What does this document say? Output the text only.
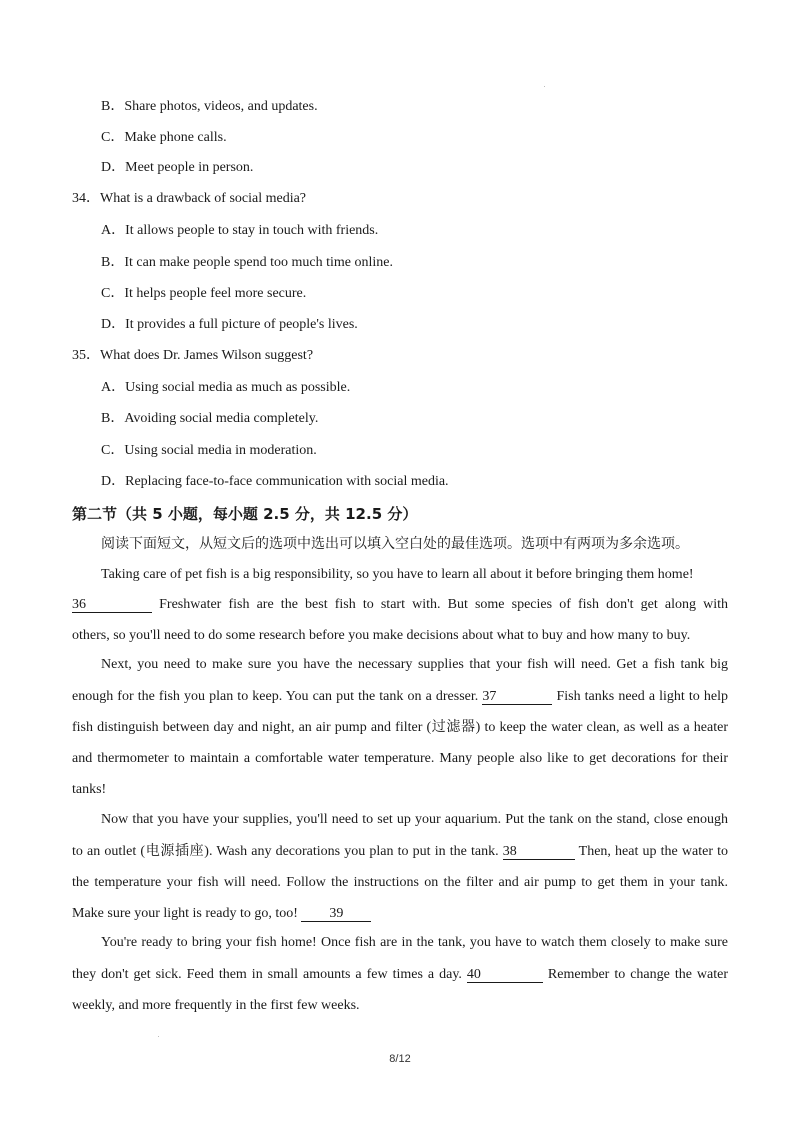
B．Share photos, videos, and updates.
C．Make phone calls.
D．Meet people in person.
34．What is a drawback of social media?
A．It allows people to stay in touch with friends.
B．It can make people spend too much time online.
C．It helps people feel more secure.
D．It provides a full picture of people's lives.
35．What does Dr. James Wilson suggest?
A．Using social media as much as possible.
B．Avoiding social media completely.
C．Using social media in moderation.
D．Replacing face-to-face communication with social media.
第二节（共 5 小题，每小题 2.5 分，共 12.5 分）
阅读下面短文，从短文后的选项中选出可以填入空白处的最佳选项。选项中有两项为多余选项。
Taking care of pet fish is a big responsibility, so you have to learn all about it before bringing them home!
36	Freshwater fish are the best fish to start with. But some species of fish don't get along with
others, so you'll need to do some research before you make decisions about what to buy and how many to buy.
Next, you need to make sure you have the necessary supplies that your fish will need. Get a fish tank big
enough for the fish you plan to keep. You can put the tank on a dresser. 37	Fish tanks need a light to help
fish distinguish between day and night, an air pump and filter (过滤器) to keep the water clean, as well as a heater
and thermometer to maintain a comfortable water temperature. Many people also like to get decorations for their
tanks!
Now that you have your supplies, you'll need to set up your aquarium. Put the tank on the stand, close enough
to an outlet (电源插座). Wash any decorations you plan to put in the tank. 38	Then, heat up the water to
the temperature your fish will need. Follow the instructions on the filter and air pump to get them in your tank.
Make sure your light is ready to go, too! 39
You're ready to bring your fish home! Once fish are in the tank, you have to watch them closely to make sure
they don't get sick. Feed them in small amounts a few times a day. 40	Remember to change the water
weekly, and more frequently in the first few weeks.
8/12
